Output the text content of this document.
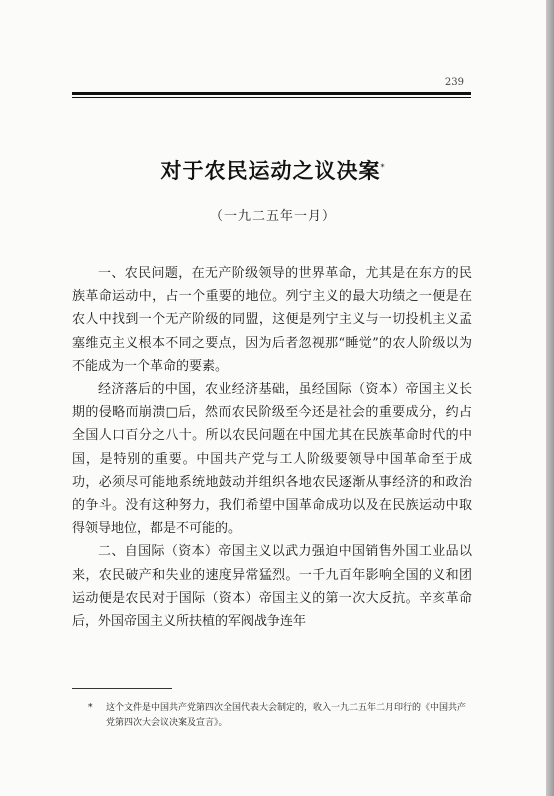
239
对于农民运动之议决案*
（一九二五年一月）

一、农民问题，在无产阶级领导的世界革命，尤其是在东方的民族革命运动中，占一个重要的地位。列宁主义的最大功绩之一便是在农人中找到一个无产阶级的同盟，这便是列宁主义与一切投机主义孟塞维克主义根本不同之要点，因为后者忽视那“睡觉”的农人阶级以为不能成为一个革命的要素。

经济落后的中国，农业经济基础，虽经国际（资本）帝国主义长期的侵略而崩溃□后，然而农民阶级至今还是社会的重要成分，约占全国人口百分之八十。所以农民问题在中国尤其在民族革命时代的中国，是特别的重要。中国共产党与工人阶级要领导中国革命至于成功，必须尽可能地系统地鼓动并组织各地农民逐渐从事经济的和政治的争斗。没有这种努力，我们希望中国革命成功以及在民族运动中取得领导地位，都是不可能的。

二、自国际（资本）帝国主义以武力强迫中国销售外国工业品以来，农民破产和失业的速度异常猛烈。一千九百年影响全国的义和团运动便是农民对于国际（资本）帝国主义的第一次大反抗。辛亥革命后，外国帝国主义所扶植的军阀战争连年

* 这个文件是中国共产党第四次全国代表大会制定的，收入一九二五年二月印行的《中国共产党第四次大会议决案及宣言》。
